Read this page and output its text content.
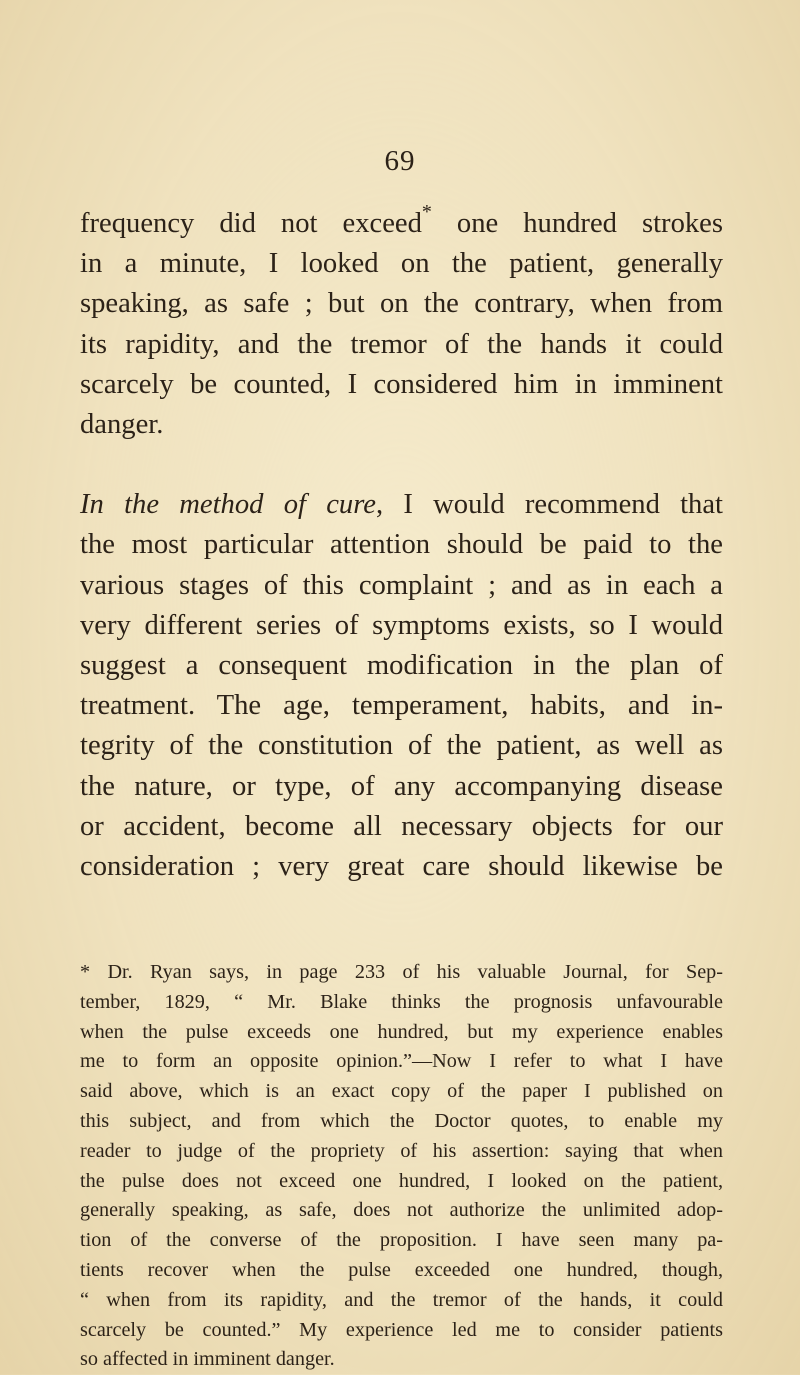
69

frequency did not exceed* one hundred strokes
in a minute, I looked on the patient, generally
speaking, as safe ; but on the contrary, when from
its rapidity, and the tremor of the hands it could
scarcely be counted, I considered him in imminent
danger.

In the method of cure, I would recommend that
the most particular attention should be paid to the
various stages of this complaint ; and as in each a
very different series of symptoms exists, so I would
suggest a consequent modification in the plan of
treatment. The age, temperament, habits, and in-
tegrity of the constitution of the patient, as well as
the nature, or type, of any accompanying disease
or accident, become all necessary objects for our
consideration ; very great care should likewise be

* Dr. Ryan says, in page 233 of his valuable Journal, for Sep-
tember, 1829, “ Mr. Blake thinks the prognosis unfavourable
when the pulse exceeds one hundred, but my experience enables
me to form an opposite opinion.”—Now I refer to what I have
said above, which is an exact copy of the paper I published on
this subject, and from which the Doctor quotes, to enable my
reader to judge of the propriety of his assertion: saying that when
the pulse does not exceed one hundred, I looked on the patient,
generally speaking, as safe, does not authorize the unlimited adop-
tion of the converse of the proposition. I have seen many pa-
tients recover when the pulse exceeded one hundred, though,
“ when from its rapidity, and the tremor of the hands, it could
scarcely be counted.” My experience led me to consider patients
so affected in imminent danger.
